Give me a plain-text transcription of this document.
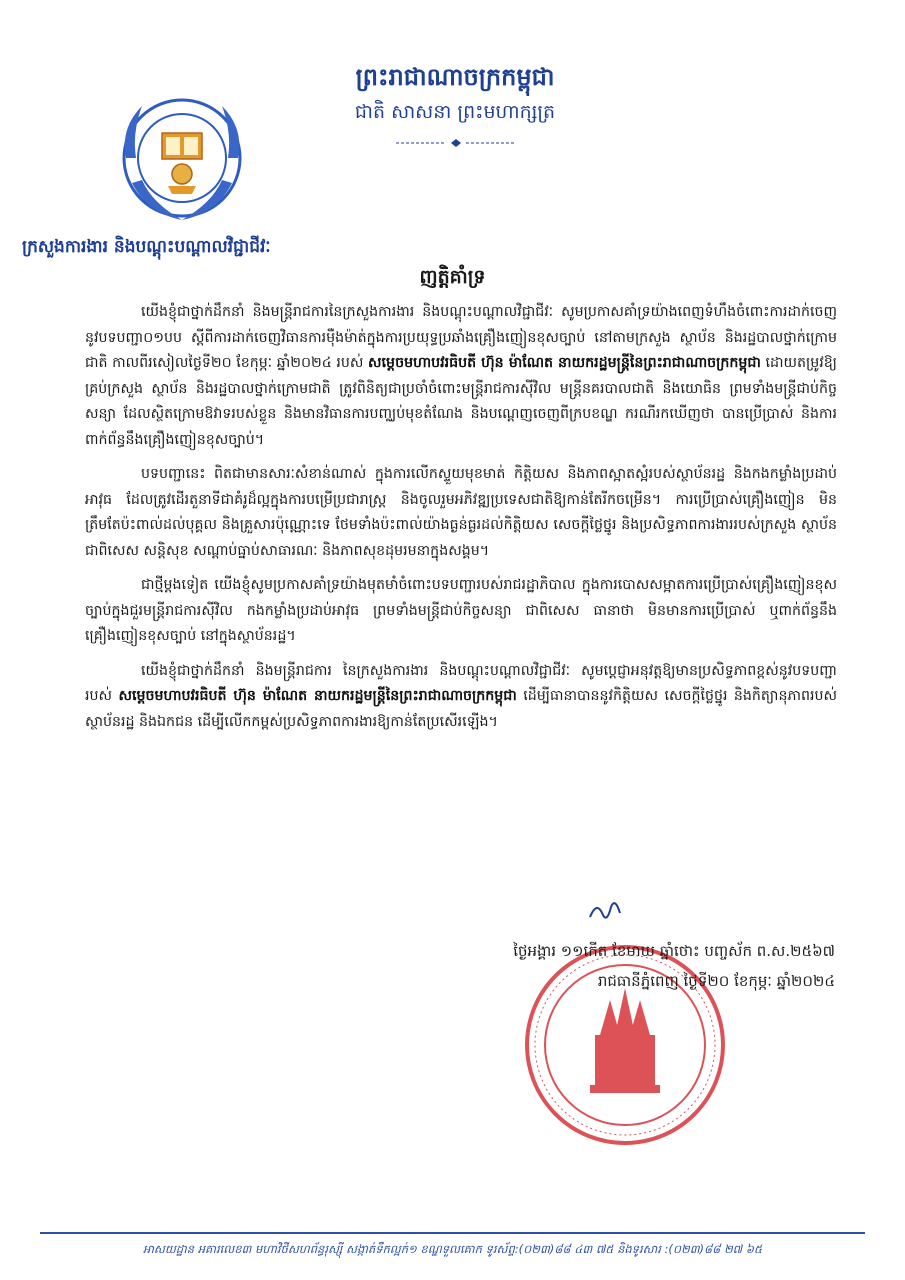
ព្រះរាជាណាចក្រកម្ពុជា
ជាតិ សាសនា ព្រះមហាក្សត្រ
ក្រសួងការងារ និងបណ្តុះបណ្តាលវិជ្ជាជីវៈ
ញត្តិគាំទ្រ

យើងខ្ញុំជាថ្នាក់ដឹកនាំ និងមន្ត្រីរាជការនៃក្រសួងការងារ និងបណ្តុះបណ្តាលវិជ្ជាជីវៈ សូមប្រកាសគាំទ្រយ៉ាងពេញទំហឹងចំពោះការដាក់ចេញនូវបទបញ្ជា០១បប ស្តីពីការដាក់ចេញវិធានការម៉ឺងម៉ាត់ក្នុងការប្រយុទ្ធប្រឆាំងគ្រឿងញៀនខុសច្បាប់ នៅតាមក្រសួង ស្ថាប័ន និងរដ្ឋបាលថ្នាក់ក្រោមជាតិ កាលពីរសៀលថ្ងៃទី២០ ខែកុម្ភៈ ឆ្នាំ២០២៤ របស់ សម្តេចមហាបវរធិបតី ហ៊ុន ម៉ាណែត នាយករដ្ឋមន្ត្រីនៃព្រះរាជាណាចក្រកម្ពុជា ដោយតម្រូវឱ្យគ្រប់ក្រសួង ស្ថាប័ន និងរដ្ឋបាលថ្នាក់ក្រោមជាតិ ត្រូវពិនិត្យជាប្រចាំចំពោះមន្ត្រីរាជការស៊ីវិល មន្ត្រីនគរបាលជាតិ និងយោធិន ព្រមទាំងមន្ត្រីជាប់កិច្ចសន្យា ដែលស្ថិតក្រោមឱវាទរបស់ខ្លួន និងមានវិធានការបញ្ឈប់មុខតំណែង និងបណ្តេញចេញពីក្របខណ្ឌ ករណីរកឃើញថា បានប្រើប្រាស់ និងការពាក់ព័ន្ធនឹងគ្រឿងញៀនខុសច្បាប់។

បទបញ្ជានេះ ពិតជាមានសារៈសំខាន់ណាស់ ក្នុងការលើកស្ទួយមុខមាត់ កិត្តិយស និងភាពស្អាតស្អំរបស់ស្ថាប័នរដ្ឋ និងកងកម្លាំងប្រដាប់អាវុធ ដែលត្រូវដើរតួនាទីជាគំរូដ៏ល្អក្នុងការបម្រើប្រជារាស្ត្រ និងចូលរួមអភិវឌ្ឍប្រទេសជាតិឱ្យកាន់តែរីកចម្រើន។ ការប្រើប្រាស់គ្រឿងញៀន មិនត្រឹមតែប៉ះពាល់ដល់បុគ្គល និងគ្រួសារប៉ុណ្ណោះទេ ថែមទាំងប៉ះពាល់យ៉ាងធ្ងន់ធ្ងរដល់កិត្តិយស សេចក្តីថ្លៃថ្នូរ និងប្រសិទ្ធភាពការងាររបស់ក្រសួង ស្ថាប័ន ជាពិសេស សន្តិសុខ សណ្តាប់ធ្នាប់សាធារណៈ និងភាពសុខដុមរមនាក្នុងសង្គម។

ជាថ្មីម្តងទៀត យើងខ្ញុំសូមប្រកាសគាំទ្រយ៉ាងមុតមាំចំពោះបទបញ្ជារបស់រាជរដ្ឋាភិបាល ក្នុងការបោសសម្អាតការប្រើប្រាស់គ្រឿងញៀនខុសច្បាប់ក្នុងជួរមន្ត្រីរាជការស៊ីវិល កងកម្លាំងប្រដាប់អាវុធ ព្រមទាំងមន្ត្រីជាប់កិច្ចសន្យា ជាពិសេស ធានាថា មិនមានការប្រើប្រាស់ ឬពាក់ព័ន្ធនឹងគ្រឿងញៀនខុសច្បាប់ នៅក្នុងស្ថាប័នរដ្ឋ។

យើងខ្ញុំជាថ្នាក់ដឹកនាំ និងមន្ត្រីរាជការ នៃក្រសួងការងារ និងបណ្តុះបណ្តាលវិជ្ជាជីវៈ សូមប្តេជ្ញាអនុវត្តឱ្យមានប្រសិទ្ធភាពខ្ពស់នូវបទបញ្ជារបស់ សម្តេចមហាបវរធិបតី ហ៊ុន ម៉ាណែត នាយករដ្ឋមន្ត្រីនៃព្រះរាជាណាចក្រកម្ពុជា ដើម្បីធានាបាននូវកិត្តិយស សេចក្តីថ្លៃថ្នូរ និងកិត្យានុភាពរបស់ស្ថាប័នរដ្ឋ និងឯកជន ដើម្បីលើកកម្ពស់ប្រសិទ្ធភាពការងារឱ្យកាន់តែប្រសើរឡើង។

ថ្ងៃអង្គារ ១១កើត ខែមាឃ ឆ្នាំថោះ បញ្ចស័ក ព.ស.២៥៦៧
រាជធានីភ្នំពេញ ថ្ងៃទី២០ ខែកុម្ភៈ ឆ្នាំ២០២៤
អាសយដ្ឋាន អគារលេខ៣ មហាវិថីសហព័ន្ធរុស្ស៊ី សង្កាត់ទឹកល្អក់១ ខណ្ឌទួលគោក ទូរស័ព្ទ:(០២៣)៨៨ ៤៣ ៧៥ និងទូរសារ :(០២៣)៨៨ ២៧ ៦៥
